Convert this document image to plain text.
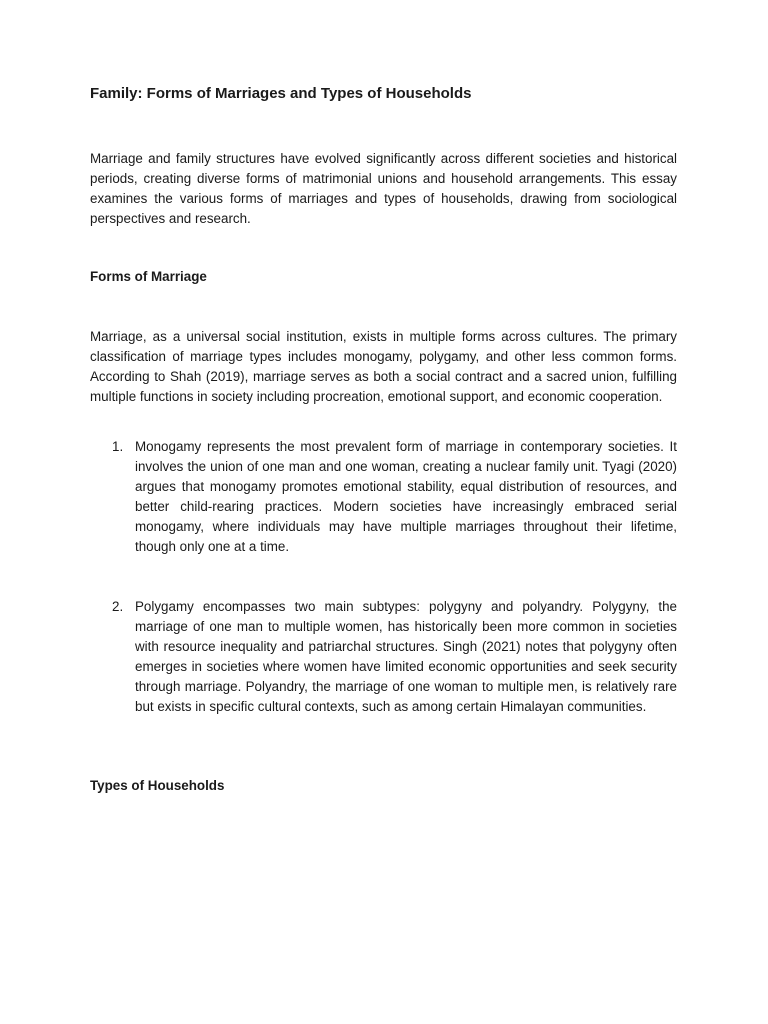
Family: Forms of Marriages and Types of Households

Marriage and family structures have evolved significantly across different societies and historical periods, creating diverse forms of matrimonial unions and household arrangements. This essay examines the various forms of marriages and types of households, drawing from sociological perspectives and research.

Forms of Marriage

Marriage, as a universal social institution, exists in multiple forms across cultures. The primary classification of marriage types includes monogamy, polygamy, and other less common forms. According to Shah (2019), marriage serves as both a social contract and a sacred union, fulfilling multiple functions in society including procreation, emotional support, and economic cooperation.

1. Monogamy represents the most prevalent form of marriage in contemporary societies. It involves the union of one man and one woman, creating a nuclear family unit. Tyagi (2020) argues that monogamy promotes emotional stability, equal distribution of resources, and better child-rearing practices. Modern societies have increasingly embraced serial monogamy, where individuals may have multiple marriages throughout their lifetime, though only one at a time.

2. Polygamy encompasses two main subtypes: polygyny and polyandry. Polygyny, the marriage of one man to multiple women, has historically been more common in societies with resource inequality and patriarchal structures. Singh (2021) notes that polygyny often emerges in societies where women have limited economic opportunities and seek security through marriage. Polyandry, the marriage of one woman to multiple men, is relatively rare but exists in specific cultural contexts, such as among certain Himalayan communities.

Types of Households
